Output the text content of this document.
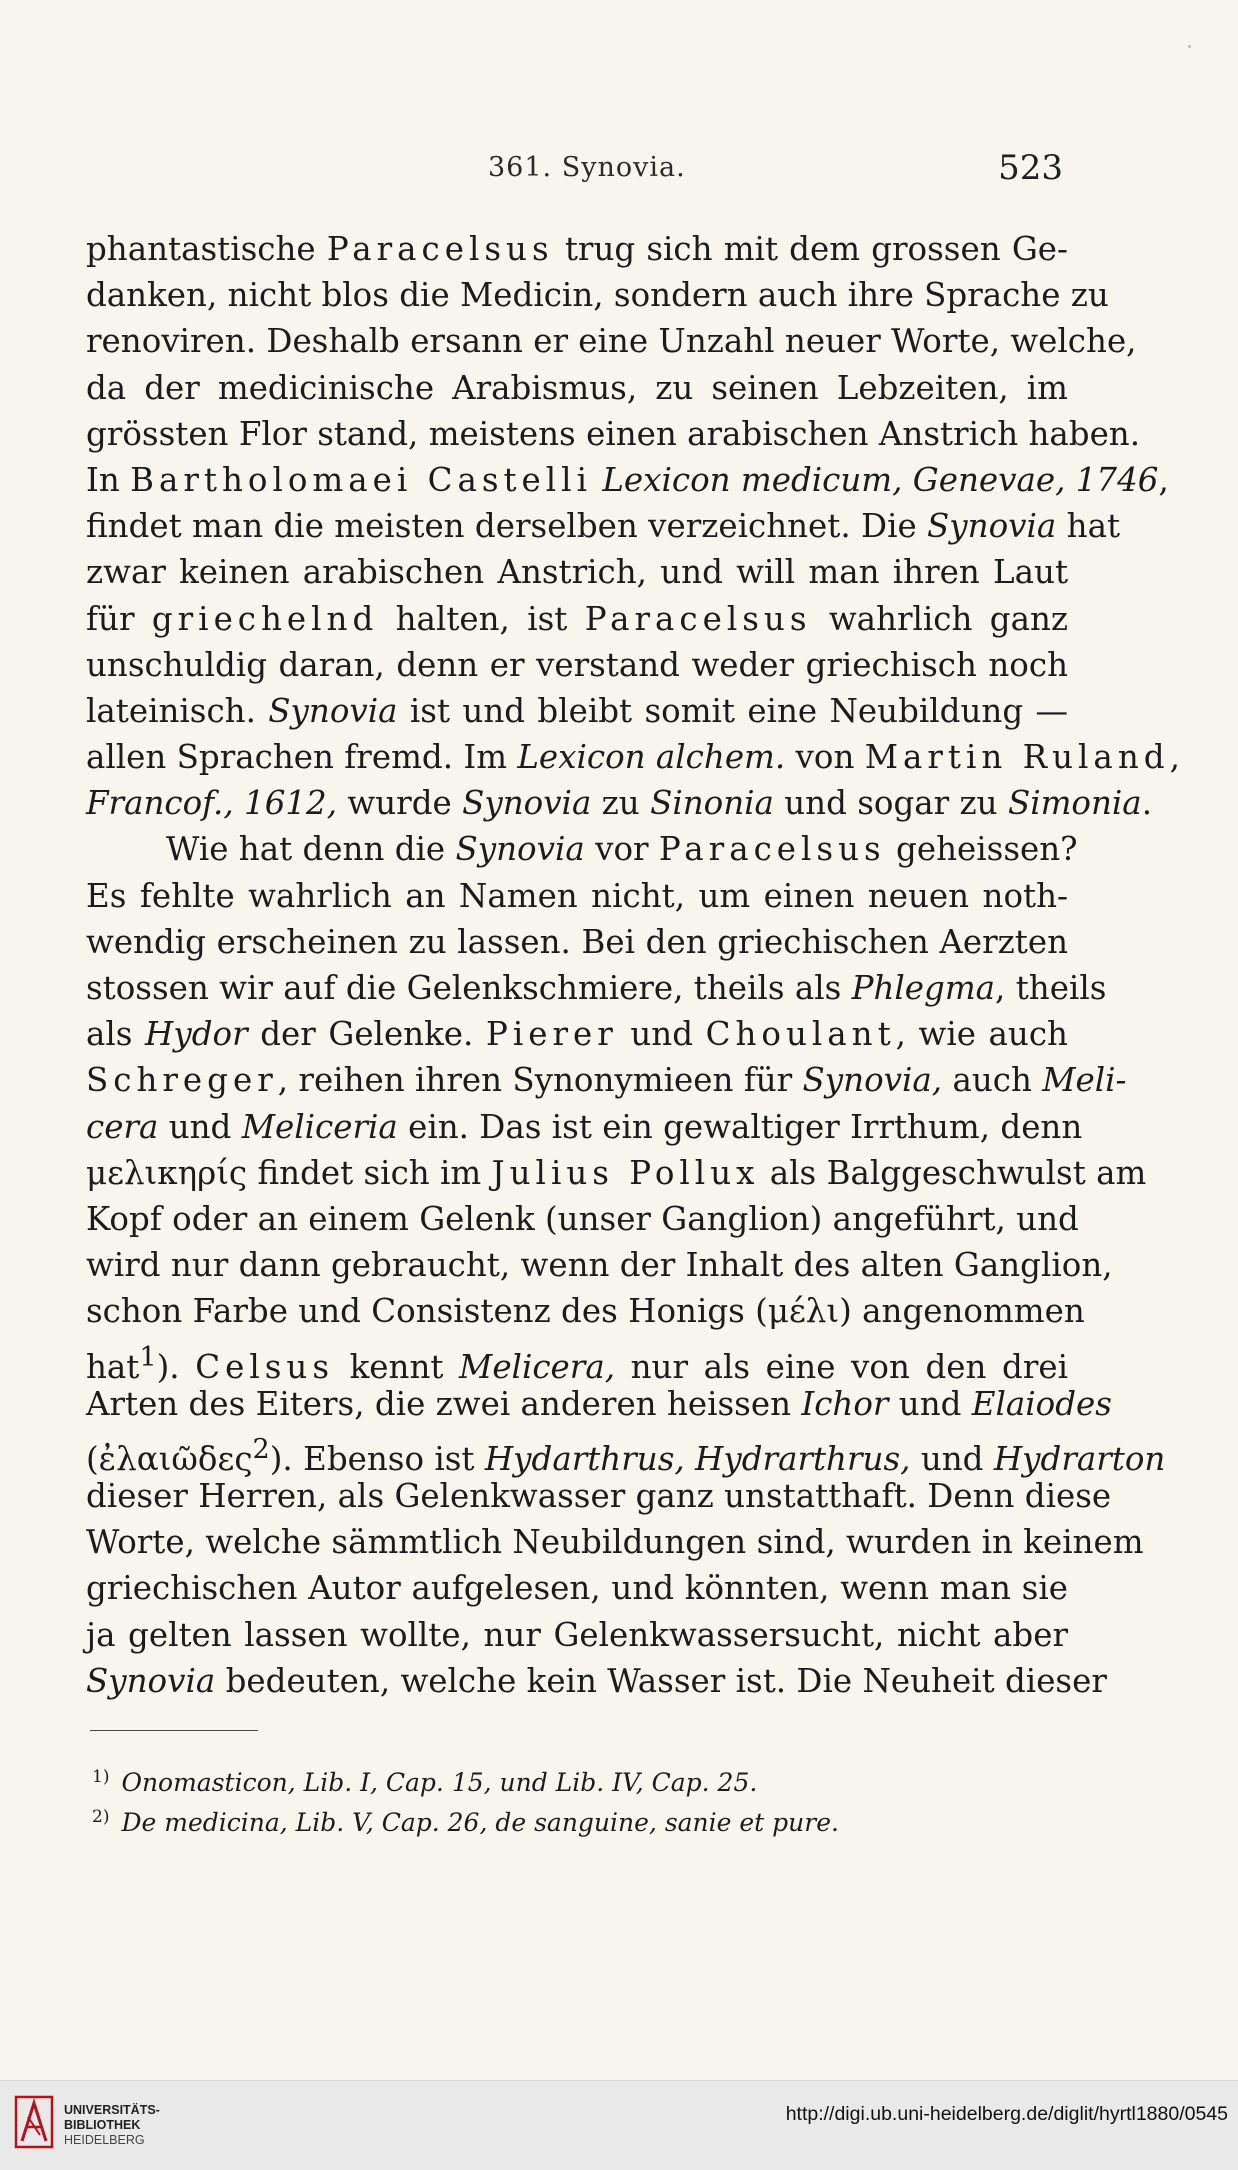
361. Synovia.	523
phantastische Paracelsus trug sich mit dem grossen Ge-
danken, nicht blos die Medicin, sondern auch ihre Sprache zu
renoviren. Deshalb ersann er eine Unzahl neuer Worte, welche,
da der medicinische Arabismus, zu seinen Lebzeiten, im
grössten Flor stand, meistens einen arabischen Anstrich haben.
In Bartholomaei Castelli Lexicon medicum, Genevae, 1746,
findet man die meisten derselben verzeichnet. Die Synovia hat
zwar keinen arabischen Anstrich, und will man ihren Laut
für griechelnd halten, ist Paracelsus wahrlich ganz
unschuldig daran, denn er verstand weder griechisch noch
lateinisch. Synovia ist und bleibt somit eine Neubildung —
allen Sprachen fremd. Im Lexicon alchem. von Martin Ruland,
Francof., 1612, wurde Synovia zu Sinonia und sogar zu Simonia.
Wie hat denn die Synovia vor Paracelsus geheissen?
Es fehlte wahrlich an Namen nicht, um einen neuen noth-
wendig erscheinen zu lassen. Bei den griechischen Aerzten
stossen wir auf die Gelenkschmiere, theils als Phlegma, theils
als Hydor der Gelenke. Pierer und Choulant, wie auch
Schreger, reihen ihren Synonymieen für Synovia, auch Meli-
cera und Meliceria ein. Das ist ein gewaltiger Irrthum, denn
μελικηρίς findet sich im Julius Pollux als Balggeschwulst am
Kopf oder an einem Gelenk (unser Ganglion) angeführt, und
wird nur dann gebraucht, wenn der Inhalt des alten Ganglion,
schon Farbe und Consistenz des Honigs (μέλι) angenommen
hat$^1$). Celsus kennt Melicera, nur als eine von den drei
Arten des Eiters, die zwei anderen heissen Ichor und Elaiodes
(ἐλαιῶδες$^2$). Ebenso ist Hydarthrus, Hydrarthrus, und Hydrarton
dieser Herren, als Gelenkwasser ganz unstatthaft. Denn diese
Worte, welche sämmtlich Neubildungen sind, wurden in keinem
griechischen Autor aufgelesen, und könnten, wenn man sie
ja gelten lassen wollte, nur Gelenkwassersucht, nicht aber
Synovia bedeuten, welche kein Wasser ist. Die Neuheit dieser
$^{1)}$ Onomasticon, Lib. I, Cap. 15, und Lib. IV, Cap. 25.
$^{2)}$ De medicina, Lib. V, Cap. 26, de sanguine, sanie et pure.
UNIVERSITÄTS-
BIBLIOTHEK
HEIDELBERG
http://digi.ub.uni-heidelberg.de/diglit/hyrtl1880/0545
